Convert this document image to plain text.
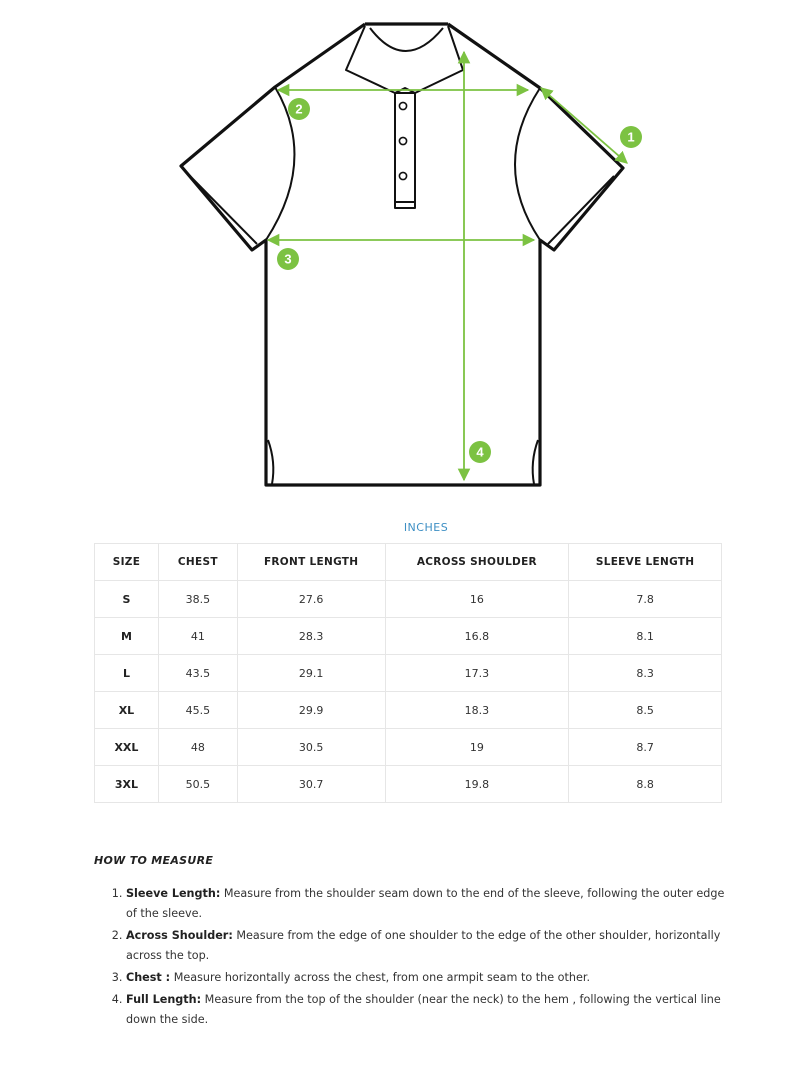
1
2
3
4
INCHES
SIZE	CHEST	FRONT LENGTH	ACROSS SHOULDER	SLEEVE LENGTH
S	38.5	27.6	16	7.8
M	41	28.3	16.8	8.1
L	43.5	29.1	17.3	8.3
XL	45.5	29.9	18.3	8.5
XXL	48	30.5	19	8.7
3XL	50.5	30.7	19.8	8.8
HOW TO MEASURE
1. Sleeve Length: Measure from the shoulder seam down to the end of the sleeve, following the outer edge of the sleeve.
2. Across Shoulder: Measure from the edge of one shoulder to the edge of the other shoulder, horizontally across the top.
3. Chest : Measure horizontally across the chest, from one armpit seam to the other.
4. Full Length: Measure from the top of the shoulder (near the neck) to the hem , following the vertical line down the side.
